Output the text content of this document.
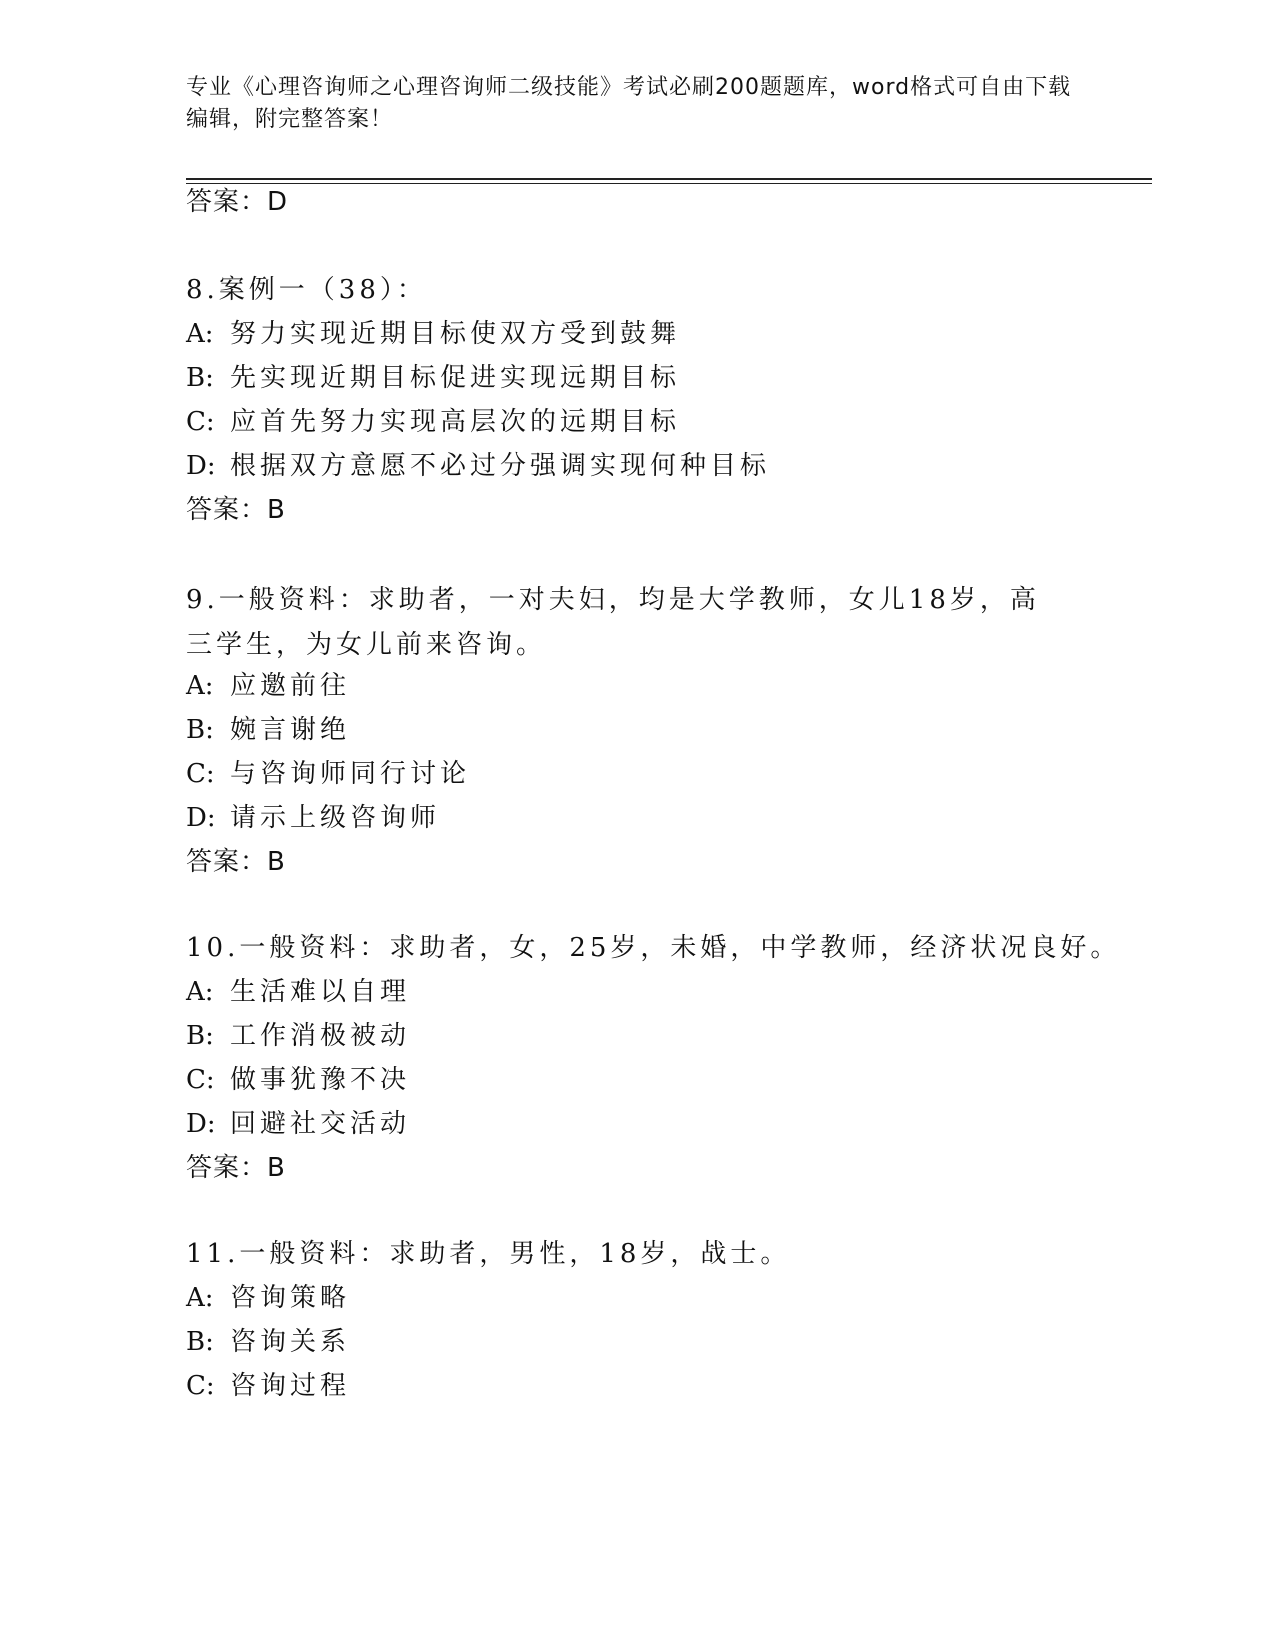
专业《心理咨询师之心理咨询师二级技能》考试必刷200题题库，word格式可自由下载编辑，附完整答案！
答案：D
8.案例一（38）：
A: 努力实现近期目标使双方受到鼓舞
B: 先实现近期目标促进实现远期目标
C: 应首先努力实现高层次的远期目标
D: 根据双方意愿不必过分强调实现何种目标
答案：B
9.一般资料：求助者，一对夫妇，均是大学教师，女儿18岁，高三学生，为女儿前来咨询。
A: 应邀前往
B: 婉言谢绝
C: 与咨询师同行讨论
D: 请示上级咨询师
答案：B
10.一般资料：求助者，女，25岁，未婚，中学教师，经济状况良好。
A: 生活难以自理
B: 工作消极被动
C: 做事犹豫不决
D: 回避社交活动
答案：B
11.一般资料：求助者，男性，18岁，战士。
A: 咨询策略
B: 咨询关系
C: 咨询过程
